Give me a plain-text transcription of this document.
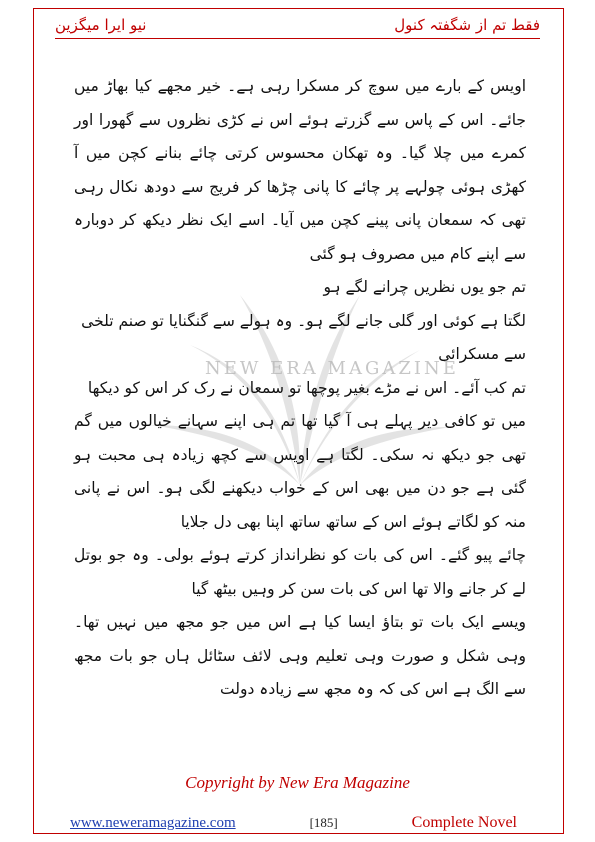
نیو ایرا میگزین	فقط تم از شگفتہ کنول
NEW ERA MAGAZINE

اویس کے بارے میں سوچ کر مسکرا رہی ہے۔ خیر مجھے کیا بھاڑ میں جائے۔ اس کے پاس سے گزرتے ہوئے اس نے کڑی نظروں سے گھورا اور کمرے میں چلا گیا۔ وہ تھکان محسوس کرتی چائے بنانے کچن میں آ کھڑی ہوئی چولہے پر چائے کا پانی چڑھا کر فریج سے دودھ نکال رہی تھی کہ سمعان پانی پینے کچن میں آیا۔ اسے ایک نظر دیکھ کر دوبارہ سے اپنے کام میں مصروف ہو گئی

تم جو یوں نظریں چرانے لگے ہو

لگتا ہے کوئی اور گلی جانے لگے ہو۔ وہ ہولے سے گنگنایا تو صنم تلخی سے مسکرائی

تم کب آئے۔ اس نے مڑے بغیر پوچھا تو سمعان نے رک کر اس کو دیکھا

میں تو کافی دیر پہلے ہی آ گیا تھا تم ہی اپنے سہانے خیالوں میں گم تھی جو دیکھ نہ سکی۔ لگتا ہے اویس سے کچھ زیادہ ہی محبت ہو گئی ہے جو دن میں بھی اس کے خواب دیکھنے لگی ہو۔ اس نے پانی منہ کو لگاتے ہوئے اس کے ساتھ ساتھ اپنا بھی دل جلایا

چائے پیو گئے۔ اس کی بات کو نظرانداز کرتے ہوئے بولی۔ وہ جو بوتل لے کر جانے والا تھا اس کی بات سن کر وہیں بیٹھ گیا

ویسے ایک بات تو بتاؤ ایسا کیا ہے اس میں جو مجھ میں نہیں تھا۔ وہی شکل و صورت وہی تعلیم وہی لائف سٹائل ہاں جو بات مجھ سے الگ ہے اس کی کہ وہ مجھ سے زیادہ دولت

Copyright by New Era Magazine
www.neweramagazine.com	[185]	Complete Novel
